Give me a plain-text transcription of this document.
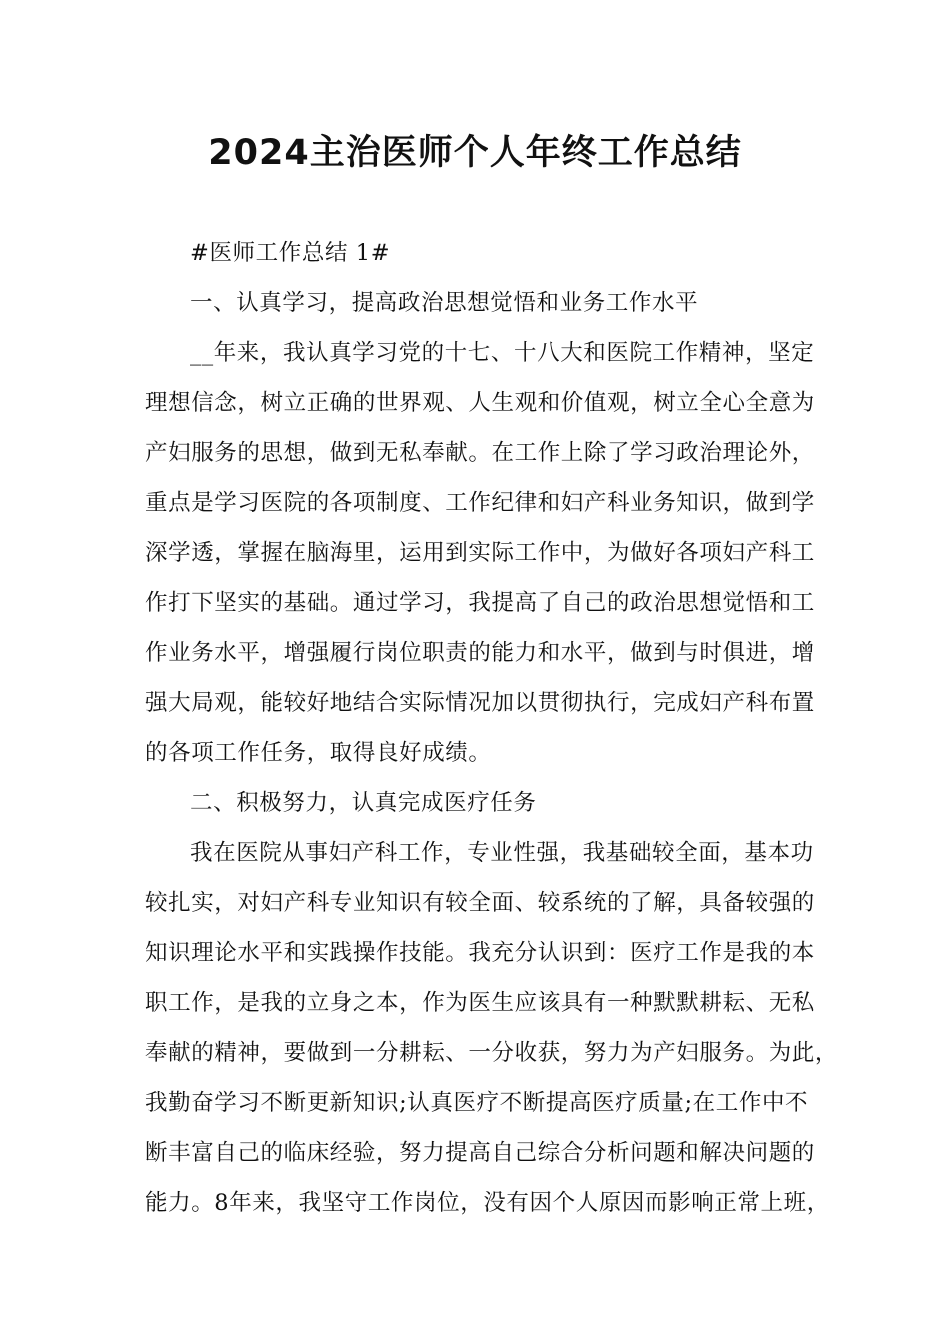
2024主治医师个人年终工作总结
#医师工作总结 1#
一、认真学习，提高政治思想觉悟和业务工作水平
__年来，我认真学习党的十七、十八大和医院工作精神，坚定
理想信念，树立正确的世界观、人生观和价值观，树立全心全意为
产妇服务的思想，做到无私奉献。在工作上除了学习政治理论外，
重点是学习医院的各项制度、工作纪律和妇产科业务知识，做到学
深学透，掌握在脑海里，运用到实际工作中，为做好各项妇产科工
作打下坚实的基础。通过学习，我提高了自己的政治思想觉悟和工
作业务水平，增强履行岗位职责的能力和水平，做到与时俱进，增
强大局观，能较好地结合实际情况加以贯彻执行，完成妇产科布置
的各项工作任务，取得良好成绩。
二、积极努力，认真完成医疗任务
我在医院从事妇产科工作，专业性强，我基础较全面，基本功
较扎实，对妇产科专业知识有较全面、较系统的了解，具备较强的
知识理论水平和实践操作技能。我充分认识到：医疗工作是我的本
职工作，是我的立身之本，作为医生应该具有一种默默耕耘、无私
奉献的精神，要做到一分耕耘、一分收获，努力为产妇服务。为此，
我勤奋学习不断更新知识;认真医疗不断提高医疗质量;在工作中不
断丰富自己的临床经验，努力提高自己综合分析问题和解决问题的
能力。8年来，我坚守工作岗位，没有因个人原因而影响正常上班，
